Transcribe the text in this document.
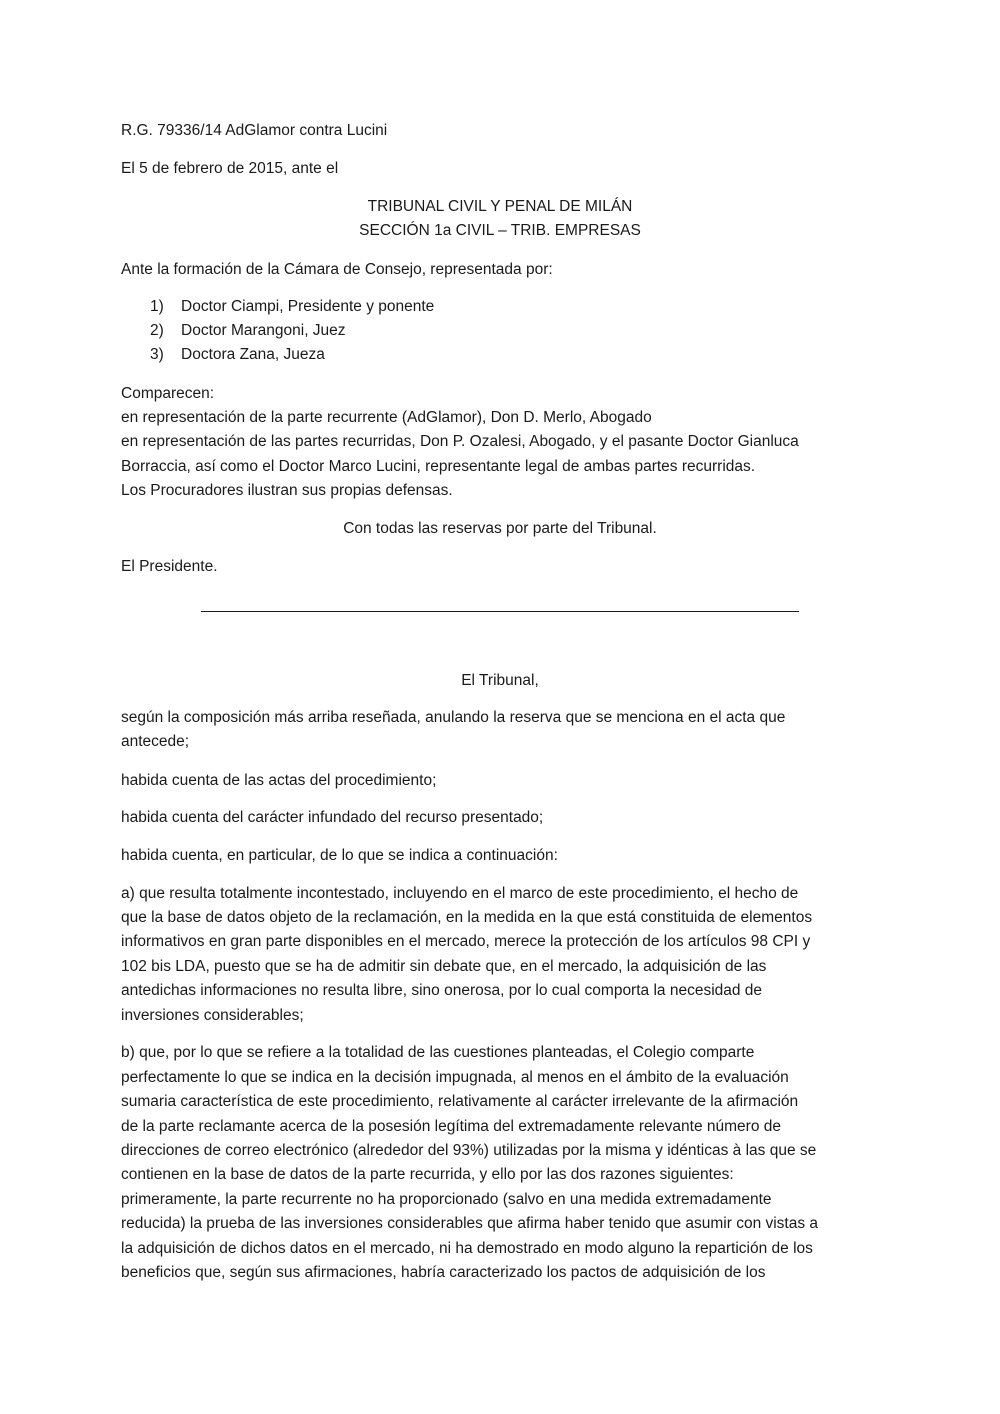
R.G. 79336/14 AdGlamor contra Lucini
El 5 de febrero de 2015, ante el
TRIBUNAL CIVIL Y PENAL DE MILÁN
SECCIÓN 1a CIVIL – TRIB. EMPRESAS
Ante la formación de la Cámara de Consejo, representada por:
1)	Doctor Ciampi, Presidente y ponente
2)	Doctor Marangoni, Juez
3)	Doctora Zana, Jueza
Comparecen:
en representación de la parte recurrente (AdGlamor), Don D. Merlo, Abogado
en representación de las partes recurridas, Don P. Ozalesi, Abogado, y el pasante Doctor Gianluca
Borraccia, así como el Doctor Marco Lucini, representante legal de ambas partes recurridas.
Los Procuradores ilustran sus propias defensas.
Con todas las reservas por parte del Tribunal.
El Presidente.
El Tribunal,
según la composición más arriba reseñada, anulando la reserva que se menciona en el acta que
antecede;
habida cuenta de las actas del procedimiento;
habida cuenta del carácter infundado del recurso presentado;
habida cuenta, en particular, de lo que se indica a continuación:
a) que resulta totalmente incontestado, incluyendo en el marco de este procedimiento, el hecho de
que la base de datos objeto de la reclamación, en la medida en la que está constituida de elementos
informativos en gran parte disponibles en el mercado, merece la protección de los artículos 98 CPI y
102 bis LDA, puesto que se ha de admitir sin debate que, en el mercado, la adquisición de las
antedichas informaciones no resulta libre, sino onerosa, por lo cual comporta la necesidad de
inversiones considerables;
b) que, por lo que se refiere a la totalidad de las cuestiones planteadas, el Colegio comparte
perfectamente lo que se indica en la decisión impugnada, al menos en el ámbito de la evaluación
sumaria característica de este procedimiento, relativamente al carácter irrelevante de la afirmación
de la parte reclamante acerca de la posesión legítima del extremadamente relevante número de
direcciones de correo electrónico (alrededor del 93%) utilizadas por la misma y idénticas à las que se
contienen en la base de datos de la parte recurrida, y ello por las dos razones siguientes:
primeramente, la parte recurrente no ha proporcionado (salvo en una medida extremadamente
reducida) la prueba de las inversiones considerables que afirma haber tenido que asumir con vistas a
la adquisición de dichos datos en el mercado, ni ha demostrado en modo alguno la repartición de los
beneficios que, según sus afirmaciones, habría caracterizado los pactos de adquisición de los
